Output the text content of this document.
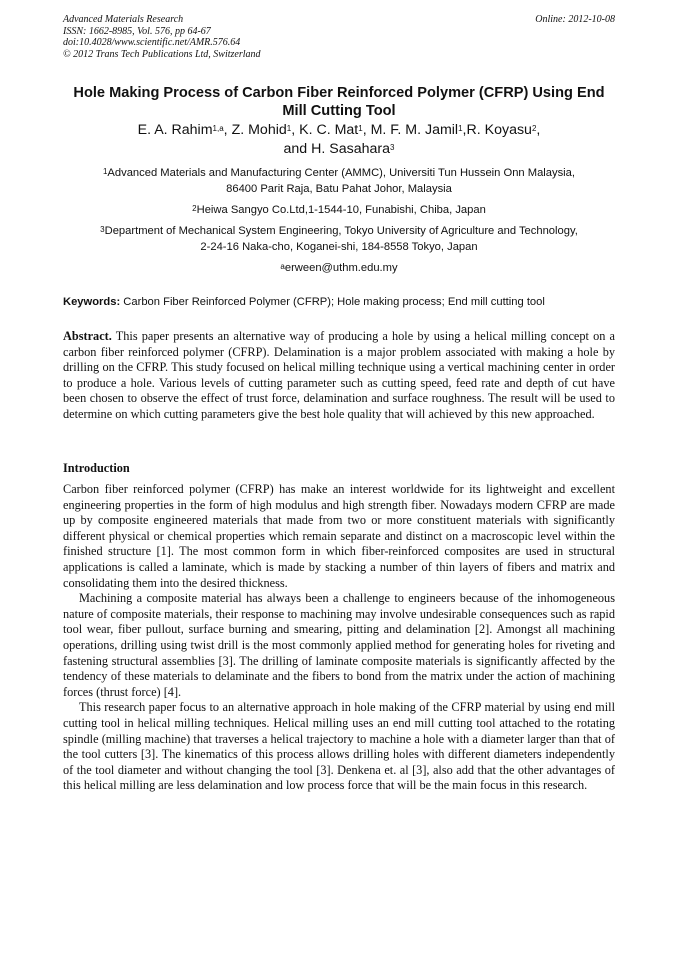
Advanced Materials Research
ISSN: 1662-8985, Vol. 576, pp 64-67
doi:10.4028/www.scientific.net/AMR.576.64
© 2012 Trans Tech Publications Ltd, Switzerland
Online: 2012-10-08
Hole Making Process of Carbon Fiber Reinforced Polymer (CFRP) Using End Mill Cutting Tool
E. A. Rahim$^{1,a}$, Z. Mohid$^1$, K. C. Mat$^1$, M. F. M. Jamil$^1$,R. Koyasu$^2$,
and H. Sasahara$^3$
$^1$Advanced Materials and Manufacturing Center (AMMC), Universiti Tun Hussein Onn Malaysia,
86400 Parit Raja, Batu Pahat Johor, Malaysia
$^2$Heiwa Sangyo Co.Ltd,1-1544-10, Funabishi, Chiba, Japan
$^3$Department of Mechanical System Engineering, Tokyo University of Agriculture and Technology,
2-24-16 Naka-cho, Koganei-shi, 184-8558 Tokyo, Japan
$^a$erween@uthm.edu.my
Keywords: Carbon Fiber Reinforced Polymer (CFRP); Hole making process; End mill cutting tool
Abstract. This paper presents an alternative way of producing a hole by using a helical milling concept on a carbon fiber reinforced polymer (CFRP). Delamination is a major problem associated with making a hole by drilling on the CFRP. This study focused on helical milling technique using a vertical machining center in order to produce a hole. Various levels of cutting parameter such as cutting speed, feed rate and depth of cut have been chosen to observe the effect of trust force, delamination and surface roughness. The result will be used to determine on which cutting parameters give the best hole quality that will achieved by this new approached.
Introduction

Carbon fiber reinforced polymer (CFRP) has make an interest worldwide for its lightweight and excellent engineering properties in the form of high modulus and high strength fiber. Nowadays modern CFRP are made up by composite engineered materials that made from two or more constituent materials with significantly different physical or chemical properties which remain separate and distinct on a macroscopic level within the finished structure [1]. The most common form in which fiber-reinforced composites are used in structural applications is called a laminate, which is made by stacking a number of thin layers of fibers and matrix and consolidating them into the desired thickness.

Machining a composite material has always been a challenge to engineers because of the inhomogeneous nature of composite materials, their response to machining may involve undesirable consequences such as rapid tool wear, fiber pullout, surface burning and smearing, pitting and delamination [2]. Amongst all machining operations, drilling using twist drill is the most commonly applied method for generating holes for riveting and fastening structural assemblies [3]. The drilling of laminate composite materials is significantly affected by the tendency of these materials to delaminate and the fibers to bond from the matrix under the action of machining forces (thrust force) [4].

This research paper focus to an alternative approach in hole making of the CFRP material by using end mill cutting tool in helical milling techniques. Helical milling uses an end mill cutting tool attached to the rotating spindle (milling machine) that traverses a helical trajectory to machine a hole with a diameter larger than that of the tool cutters [3]. The kinematics of this process allows drilling holes with different diameters independently of the tool diameter and without changing the tool [3]. Denkena et. al [3], also add that the other advantages of this helical milling are less delamination and low process force that will be the main focus in this research.
